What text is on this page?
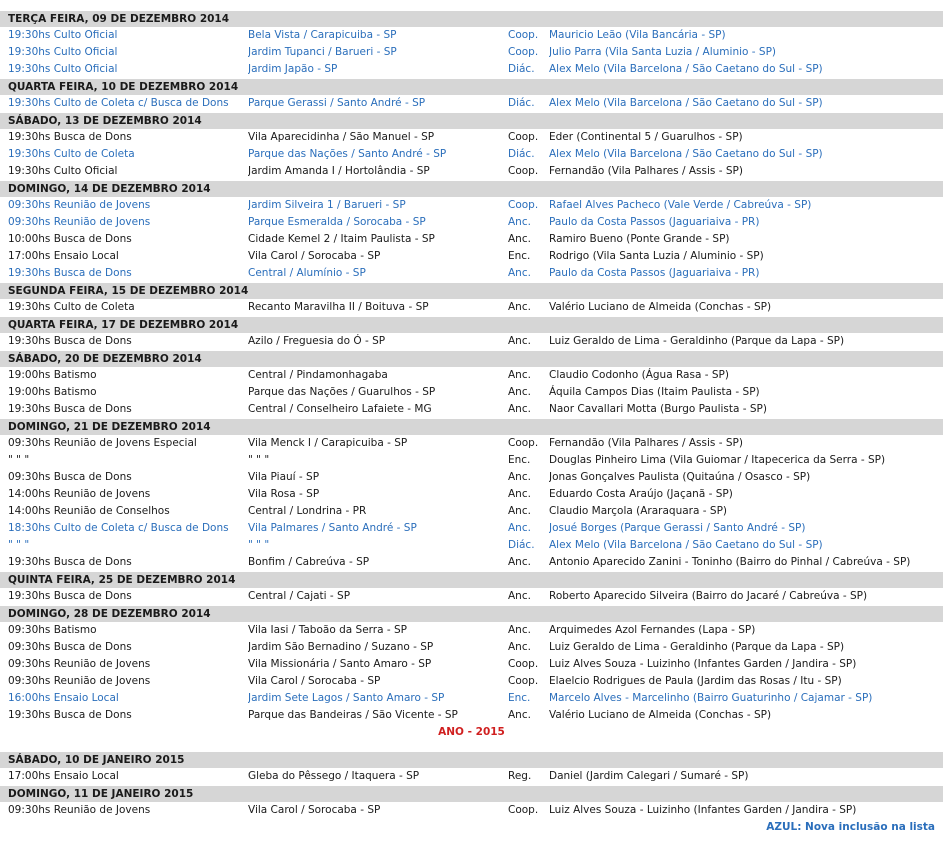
TERÇA FEIRA, 09 DE DEZEMBRO 2014
19:30hs Culto Oficial	Bela Vista / Carapicuiba - SP	Coop.	Mauricio Leão (Vila Bancária - SP)
19:30hs Culto Oficial	Jardim Tupanci / Barueri - SP	Coop.	Julio Parra (Vila Santa Luzia / Aluminio - SP)
19:30hs Culto Oficial	Jardim Japão - SP	Diác.	Alex Melo (Vila Barcelona / São Caetano do Sul - SP)
QUARTA FEIRA, 10 DE DEZEMBRO 2014
19:30hs Culto de Coleta c/ Busca de Dons	Parque Gerassi / Santo André - SP	Diác.	Alex Melo (Vila Barcelona / São Caetano do Sul - SP)
SÁBADO, 13 DE DEZEMBRO 2014
19:30hs Busca de Dons	Vila Aparecidinha / São Manuel - SP	Coop.	Eder (Continental 5 / Guarulhos - SP)
19:30hs Culto de Coleta	Parque das Nações / Santo André - SP	Diác.	Alex Melo (Vila Barcelona / São Caetano do Sul - SP)
19:30hs Culto Oficial	Jardim Amanda I / Hortolândia - SP	Coop.	Fernandão (Vila Palhares / Assis - SP)
DOMINGO, 14 DE DEZEMBRO 2014
09:30hs Reunião de Jovens	Jardim Silveira 1 / Barueri - SP	Coop.	Rafael Alves Pacheco (Vale Verde / Cabreúva - SP)
09:30hs Reunião de Jovens	Parque Esmeralda / Sorocaba - SP	Anc.	Paulo da Costa Passos (Jaguariaiva - PR)
10:00hs Busca de Dons	Cidade Kemel 2 / Itaim Paulista - SP	Anc.	Ramiro Bueno (Ponte Grande - SP)
17:00hs Ensaio Local	Vila Carol / Sorocaba - SP	Enc.	Rodrigo (Vila Santa Luzia / Aluminio - SP)
19:30hs Busca de Dons	Central / Alumínio - SP	Anc.	Paulo da Costa Passos (Jaguariaiva - PR)
SEGUNDA FEIRA, 15 DE DEZEMBRO 2014
19:30hs Culto de Coleta	Recanto Maravilha II / Boituva - SP	Anc.	Valério Luciano de Almeida (Conchas - SP)
QUARTA FEIRA, 17 DE DEZEMBRO 2014
19:30hs Busca de Dons	Azilo / Freguesia do Ó - SP	Anc.	Luiz Geraldo de Lima - Geraldinho (Parque da Lapa - SP)
SÁBADO, 20 DE DEZEMBRO 2014
19:00hs Batismo	Central / Pindamonhagaba	Anc.	Claudio Codonho (Água Rasa - SP)
19:00hs Batismo	Parque das Nações / Guarulhos - SP	Anc.	Áquila Campos Dias (Itaim Paulista - SP)
19:30hs Busca de Dons	Central / Conselheiro Lafaiete - MG	Anc.	Naor Cavallari Motta (Burgo Paulista - SP)
DOMINGO, 21 DE DEZEMBRO 2014
09:30hs Reunião de Jovens Especial	Vila Menck I / Carapicuiba - SP	Coop.	Fernandão (Vila Palhares / Assis - SP)
" " "	" " "	Enc.	Douglas Pinheiro Lima (Vila Guiomar / Itapecerica da Serra - SP)
09:30hs Busca de Dons	Vila Piauí - SP	Anc.	Jonas Gonçalves Paulista (Quitaúna / Osasco - SP)
14:00hs Reunião de Jovens	Vila Rosa - SP	Anc.	Eduardo Costa Araújo (Jaçanã - SP)
14:00hs Reunião de Conselhos	Central / Londrina - PR	Anc.	Claudio Marçola (Araraquara - SP)
18:30hs Culto de Coleta c/ Busca de Dons	Vila Palmares / Santo André - SP	Anc.	Josué Borges (Parque Gerassi / Santo André - SP)
" " "	" " "	Diác.	Alex Melo (Vila Barcelona / São Caetano do Sul - SP)
19:30hs Busca de Dons	Bonfim / Cabreúva - SP	Anc.	Antonio Aparecido Zanini - Toninho (Bairro do Pinhal / Cabreúva - SP)
QUINTA FEIRA, 25 DE DEZEMBRO 2014
19:30hs Busca de Dons	Central / Cajati - SP	Anc.	Roberto Aparecido Silveira (Bairro do Jacaré / Cabreúva - SP)
DOMINGO, 28 DE DEZEMBRO 2014
09:30hs Batismo	Vila Iasi / Taboão da Serra - SP	Anc.	Arquimedes Azol Fernandes (Lapa - SP)
09:30hs Busca de Dons	Jardim São Bernadino / Suzano - SP	Anc.	Luiz Geraldo de Lima - Geraldinho (Parque da Lapa - SP)
09:30hs Reunião de Jovens	Vila Missionária / Santo Amaro - SP	Coop.	Luiz Alves Souza - Luizinho (Infantes Garden / Jandira - SP)
09:30hs Reunião de Jovens	Vila Carol / Sorocaba - SP	Coop.	Elaelcio Rodrigues de Paula (Jardim das Rosas / Itu - SP)
16:00hs Ensaio Local	Jardim Sete Lagos / Santo Amaro - SP	Enc.	Marcelo Alves - Marcelinho (Bairro Guaturinho / Cajamar - SP)
19:30hs Busca de Dons	Parque das Bandeiras / São Vicente - SP	Anc.	Valério Luciano de Almeida (Conchas - SP)
ANO - 2015
SÁBADO, 10 DE JANEIRO 2015
17:00hs Ensaio Local	Gleba do Pêssego / Itaquera - SP	Reg.	Daniel (Jardim Calegari / Sumaré - SP)
DOMINGO, 11 DE JANEIRO 2015
09:30hs Reunião de Jovens	Vila Carol / Sorocaba - SP	Coop.	Luiz Alves Souza - Luizinho (Infantes Garden / Jandira - SP)
AZUL: Nova inclusão na lista
